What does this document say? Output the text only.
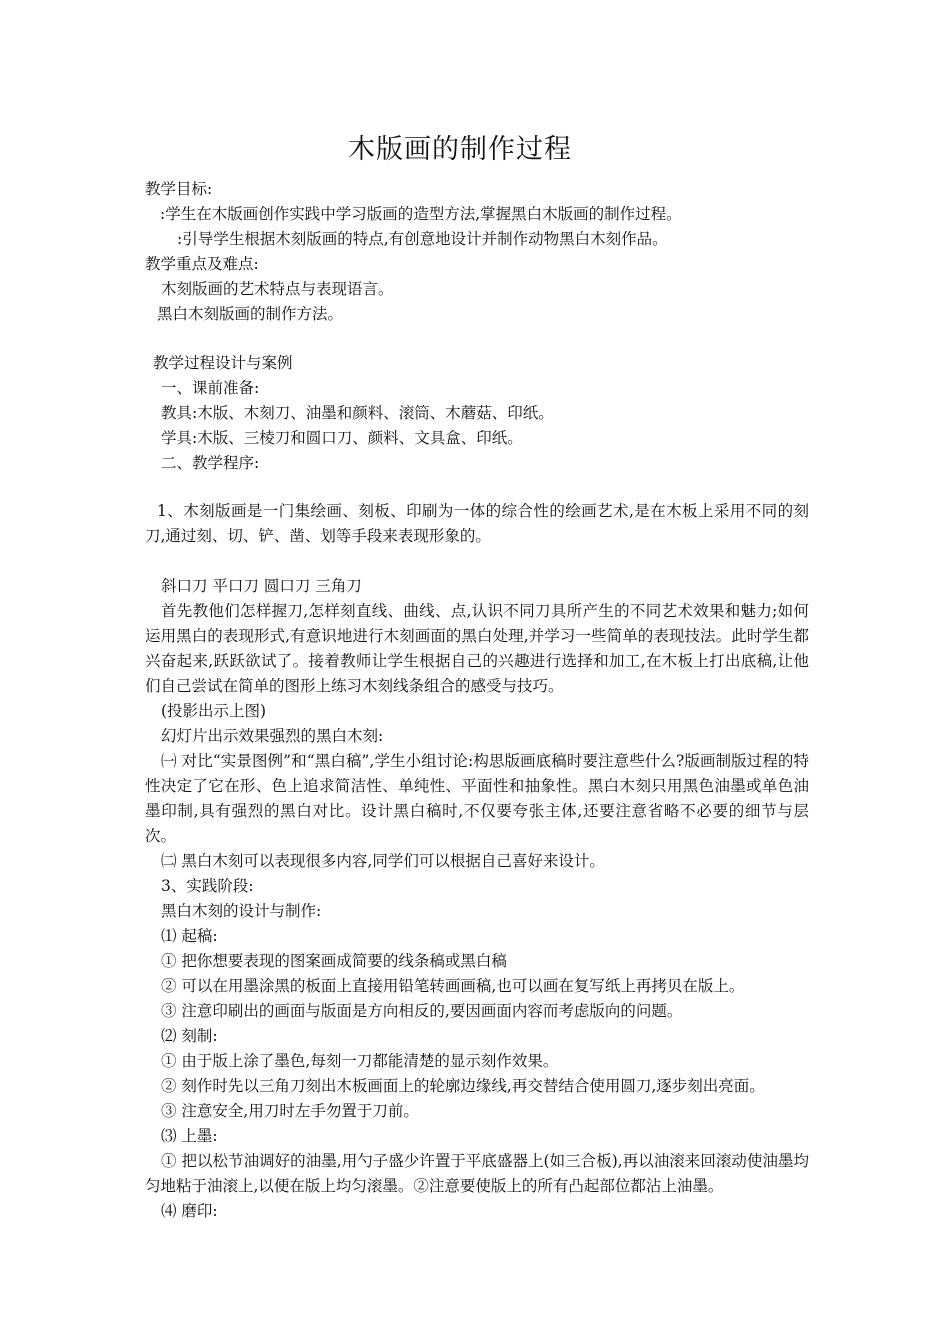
木版画的制作过程
教学目标:
:学生在木版画创作实践中学习版画的造型方法,掌握黑白木版画的制作过程。
:引导学生根据木刻版画的特点,有创意地设计并制作动物黑白木刻作品。
教学重点及难点:
木刻版画的艺术特点与表现语言。
黑白木刻版画的制作方法。
教学过程设计与案例
一、课前准备:
教具:木版、木刻刀、油墨和颜料、滚筒、木蘑菇、印纸。
学具:木版、三棱刀和圆口刀、颜料、文具盒、印纸。
二、教学程序:
1、木刻版画是一门集绘画、刻板、印刷为一体的综合性的绘画艺术,是在木板上采用不同的刻刀,通过刻、切、铲、凿、划等手段来表现形象的。
斜口刀 平口刀 圆口刀 三角刀
首先教他们怎样握刀,怎样刻直线、曲线、点,认识不同刀具所产生的不同艺术效果和魅力;如何运用黑白的表现形式,有意识地进行木刻画面的黑白处理,并学习一些简单的表现技法。此时学生都兴奋起来,跃跃欲试了。接着教师让学生根据自己的兴趣进行选择和加工,在木板上打出底稿,让他们自己尝试在简单的图形上练习木刻线条组合的感受与技巧。
(投影出示上图)
幻灯片出示效果强烈的黑白木刻:
㈠ 对比“实景图例”和“黑白稿”,学生小组讨论:构思版画底稿时要注意些什么?版画制版过程的特性决定了它在形、色上追求简洁性、单纯性、平面性和抽象性。黑白木刻只用黑色油墨或单色油墨印制,具有强烈的黑白对比。设计黑白稿时,不仅要夸张主体,还要注意省略不必要的细节与层次。
㈡ 黑白木刻可以表现很多内容,同学们可以根据自己喜好来设计。
3、实践阶段:
黑白木刻的设计与制作:
⑴ 起稿:
① 把你想要表现的图案画成简要的线条稿或黑白稿
② 可以在用墨涂黑的板面上直接用铅笔转画画稿,也可以画在复写纸上再拷贝在版上。
③ 注意印刷出的画面与版面是方向相反的,要因画面内容而考虑版向的问题。
⑵ 刻制:
① 由于版上涂了墨色,每刻一刀都能清楚的显示刻作效果。
② 刻作时先以三角刀刻出木板画面上的轮廓边缘线,再交替结合使用圆刀,逐步刻出亮面。
③ 注意安全,用刀时左手勿置于刀前。
⑶ 上墨:
① 把以松节油调好的油墨,用勺子盛少许置于平底盛器上(如三合板),再以油滚来回滚动使油墨均匀地粘于油滚上,以便在版上均匀滚墨。②注意要使版上的所有凸起部位都沾上油墨。
⑷ 磨印:
